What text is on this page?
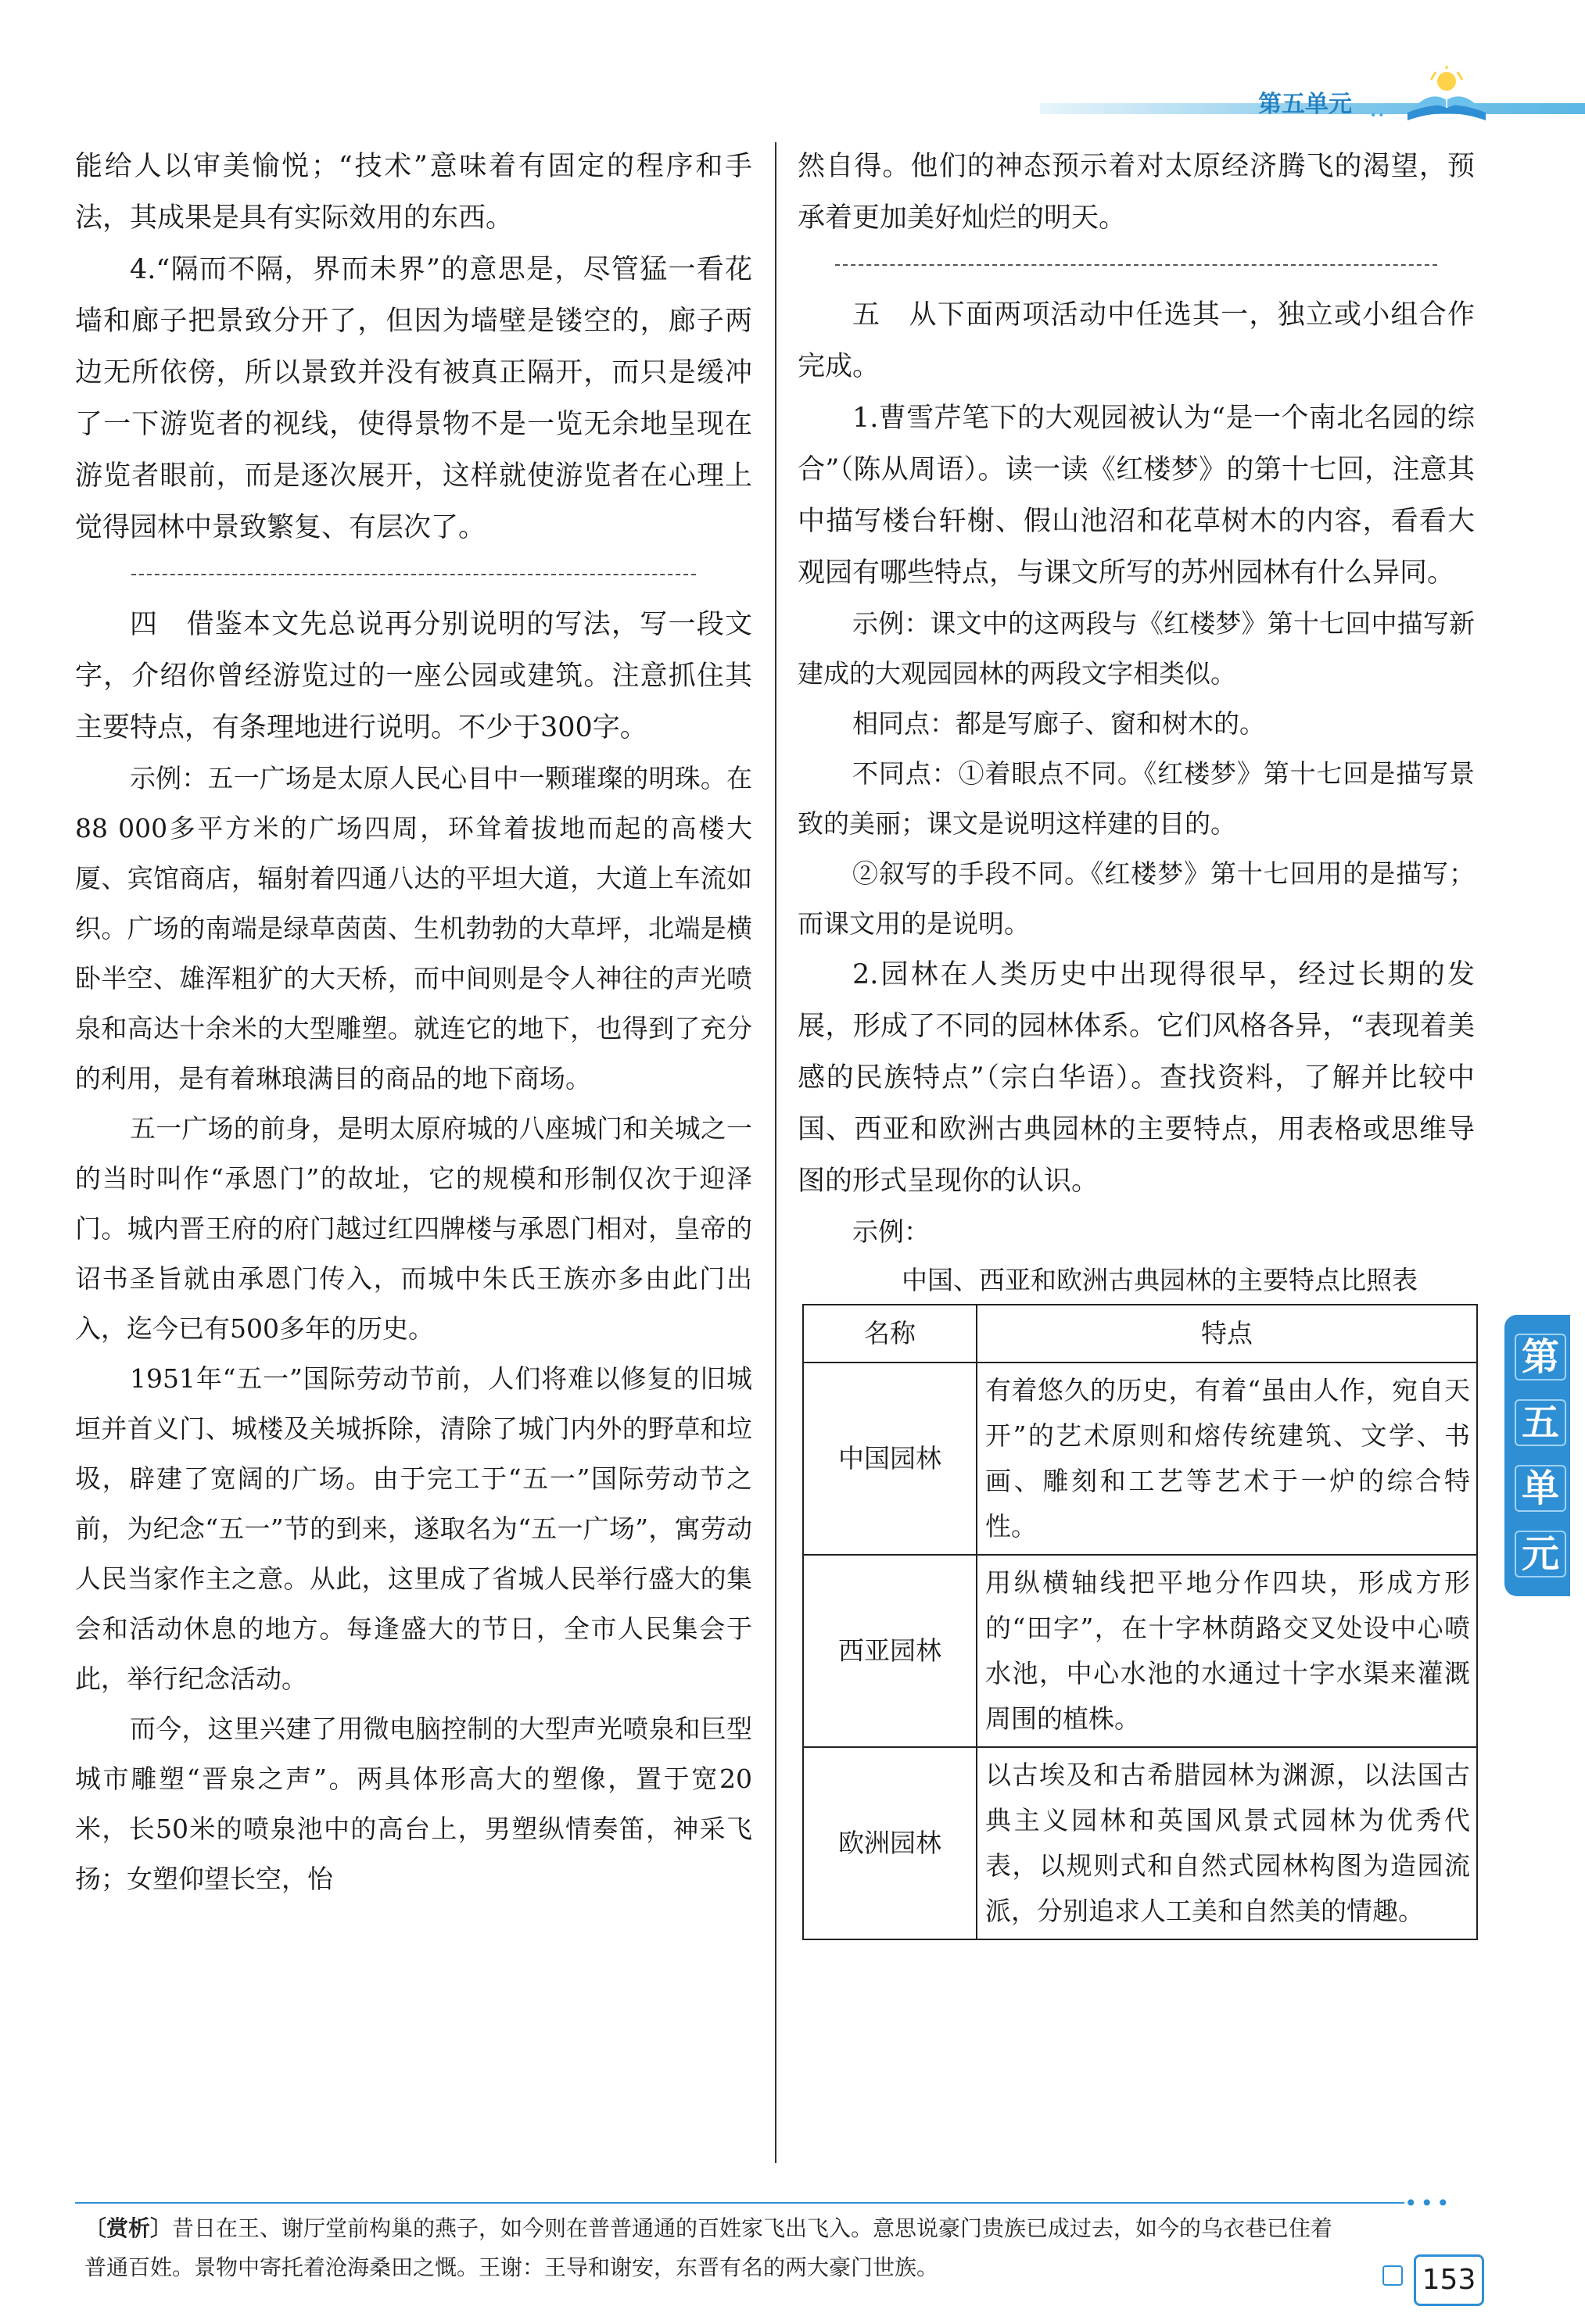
第五单元	••

能给人以审美愉悦；“技术”意味着有固定的程序和手法，其成果是具有实际效用的东西。

4.“隔而不隔，界而未界”的意思是，尽管猛一看花墙和廊子把景致分开了，但因为墙壁是镂空的，廊子两边无所依傍，所以景致并没有被真正隔开，而只是缓冲了一下游览者的视线，使得景物不是一览无余地呈现在游览者眼前，而是逐次展开，这样就使游览者在心理上觉得园林中景致繁复、有层次了。

四　借鉴本文先总说再分别说明的写法，写一段文字，介绍你曾经游览过的一座公园或建筑。注意抓住其主要特点，有条理地进行说明。不少于300字。

示例：五一广场是太原人民心目中一颗璀璨的明珠。在88 000多平方米的广场四周，环耸着拔地而起的高楼大厦、宾馆商店，辐射着四通八达的平坦大道，大道上车流如织。广场的南端是绿草茵茵、生机勃勃的大草坪，北端是横卧半空、雄浑粗犷的大天桥，而中间则是令人神往的声光喷泉和高达十余米的大型雕塑。就连它的地下，也得到了充分的利用，是有着琳琅满目的商品的地下商场。

五一广场的前身，是明太原府城的八座城门和关城之一的当时叫作“承恩门”的故址，它的规模和形制仅次于迎泽门。城内晋王府的府门越过红四牌楼与承恩门相对，皇帝的诏书圣旨就由承恩门传入，而城中朱氏王族亦多由此门出入，迄今已有500多年的历史。

1951年“五一”国际劳动节前，人们将难以修复的旧城垣并首义门、城楼及关城拆除，清除了城门内外的野草和垃圾，辟建了宽阔的广场。由于完工于“五一”国际劳动节之前，为纪念“五一”节的到来，遂取名为“五一广场”，寓劳动人民当家作主之意。从此，这里成了省城人民举行盛大的集会和活动休息的地方。每逢盛大的节日，全市人民集会于此，举行纪念活动。

而今，这里兴建了用微电脑控制的大型声光喷泉和巨型城市雕塑“晋泉之声”。两具体形高大的塑像，置于宽20米，长50米的喷泉池中的高台上，男塑纵情奏笛，神采飞扬；女塑仰望长空，怡

然自得。他们的神态预示着对太原经济腾飞的渴望，预承着更加美好灿烂的明天。

五　从下面两项活动中任选其一，独立或小组合作完成。

1.曹雪芹笔下的大观园被认为“是一个南北名园的综合”（陈从周语）。读一读《红楼梦》的第十七回，注意其中描写楼台轩榭、假山池沼和花草树木的内容，看看大观园有哪些特点，与课文所写的苏州园林有什么异同。

示例：课文中的这两段与《红楼梦》第十七回中描写新建成的大观园园林的两段文字相类似。

相同点：都是写廊子、窗和树木的。

不同点：①着眼点不同。《红楼梦》第十七回是描写景致的美丽；课文是说明这样建的目的。

②叙写的手段不同。《红楼梦》第十七回用的是描写；而课文用的是说明。

2.园林在人类历史中出现得很早，经过长期的发展，形成了不同的园林体系。它们风格各异，“表现着美感的民族特点”（宗白华语）。查找资料，了解并比较中国、西亚和欧洲古典园林的主要特点，用表格或思维导图的形式呈现你的认识。

示例：

中国、西亚和欧洲古典园林的主要特点比照表

名称	特点
中国园林	有着悠久的历史，有着“虽由人作，宛自天开”的艺术原则和熔传统建筑、文学、书画、雕刻和工艺等艺术于一炉的综合特性。
西亚园林	用纵横轴线把平地分作四块，形成方形的“田字”，在十字林荫路交叉处设中心喷水池，中心水池的水通过十字水渠来灌溉周围的植株。
欧洲园林	以古埃及和古希腊园林为渊源，以法国古典主义园林和英国风景式园林为优秀代表，以规则式和自然式园林构图为造园流派，分别追求人工美和自然美的情趣。
第
五
单
元
•••

〔赏析〕昔日在王、谢厅堂前构巢的燕子，如今则在普普通通的百姓家飞出飞入。意思说豪门贵族已成过去，如今的乌衣巷已住着普通百姓。景物中寄托着沧海桑田之慨。王谢：王导和谢安，东晋有名的两大豪门世族。	153
